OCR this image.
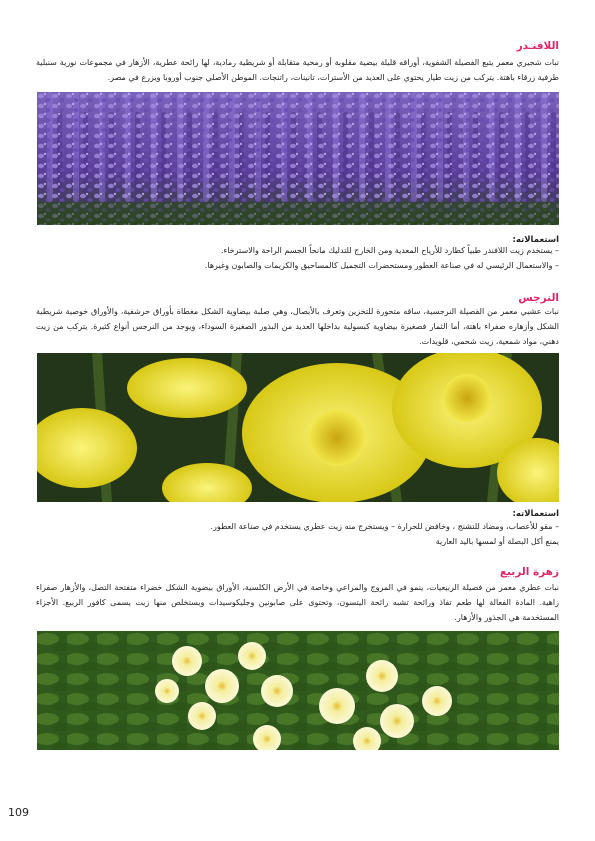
اللافنـدر

نبات شجيري معمر يتبع الفصيلة الشفوية، أوراقه قليلة بيضية مقلوبة أو رمحية متقابلة أو شريطية رمادية، لها رائحة عطرية، الأزهار في مجموعات نورية سنبلية طرفية زرقاء باهتة. يتركب من زيت طيار يحتوي على العديد من الأسترات، تانينات، راتنجات. الموطن الأصلي جنوب أوروبا ويزرع في مصر.

استعمالاته:
– يستخدم زيت اللافندر طبياً كطارد للأرياح المعدية ومن الخارج للتدليك مانحاً الجسم الراحة والاسترخاء.
– والاستعمال الرئيسي له في صناعة العطور ومستحضرات التجميل كالمساحيق والكريمات والصابون وغيرها.
النرجس

نبات عشبي معمر من الفصيلة النرجسية، ساقه متحورة للتخزين وتعرف بالأبصال، وهي صلبة بيضاوية الشكل مغطاة بأوراق حرشفية، والأوراق خوصية شريطية الشكل وأزهاره صفراء باهتة، أما الثمار فصغيرة بيضاوية كبسولية بداخلها العديد من البذور الصغيرة السوداء، ويوجد من النرجس أنواع كثيرة. يتركب من زيت دهني، مواد شمعية، زيت شحمي، قلويدات.

استعمالاته:
– مقو للأعصاب، ومضاد للتشنج ، وخافض للحرارة – ويستخرج منه زيت عطري يستخدم في صناعة العطور.
يمنع أكل البصلة أو لمسها باليد العارية
زهرة الربيع

نبات عطري معمر من فصيلة الربيعيات، ينمو في المروج والمراعي وخاصة في الأرض الكلسية، الأوراق بيضوية الشكل خضراء متفتحة التصل، والأزهار صفراء زاهية. المادة الفعالة لها طعم تفاذ ورائحة تشبه رائحة اليتسون، وتحتوى على صابونين وجليكوسيدات ويستخلص منها زيت يسمى كافور الربيع. الأجزاء المستخدمة هي الجذور والأزهار.

109
